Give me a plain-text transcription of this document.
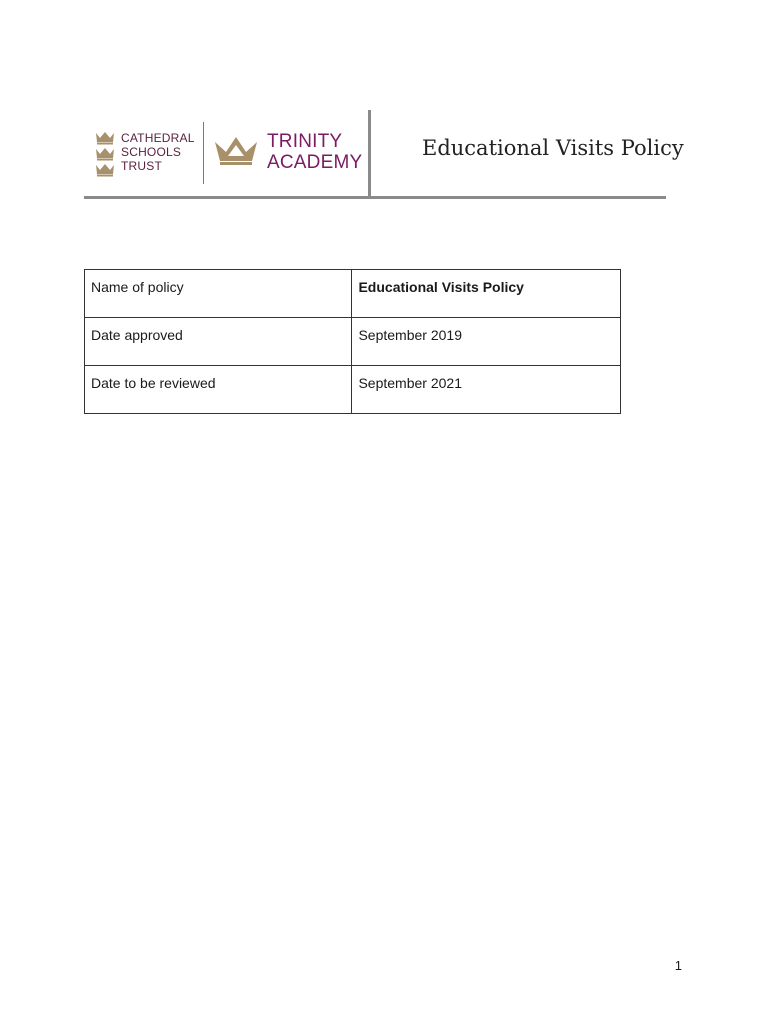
CATHEDRAL
SCHOOLS
TRUST
TRINITY
ACADEMY
Educational Visits Policy
Name of policy	Educational Visits Policy
Date approved	September 2019
Date to be reviewed	September 2021
1
